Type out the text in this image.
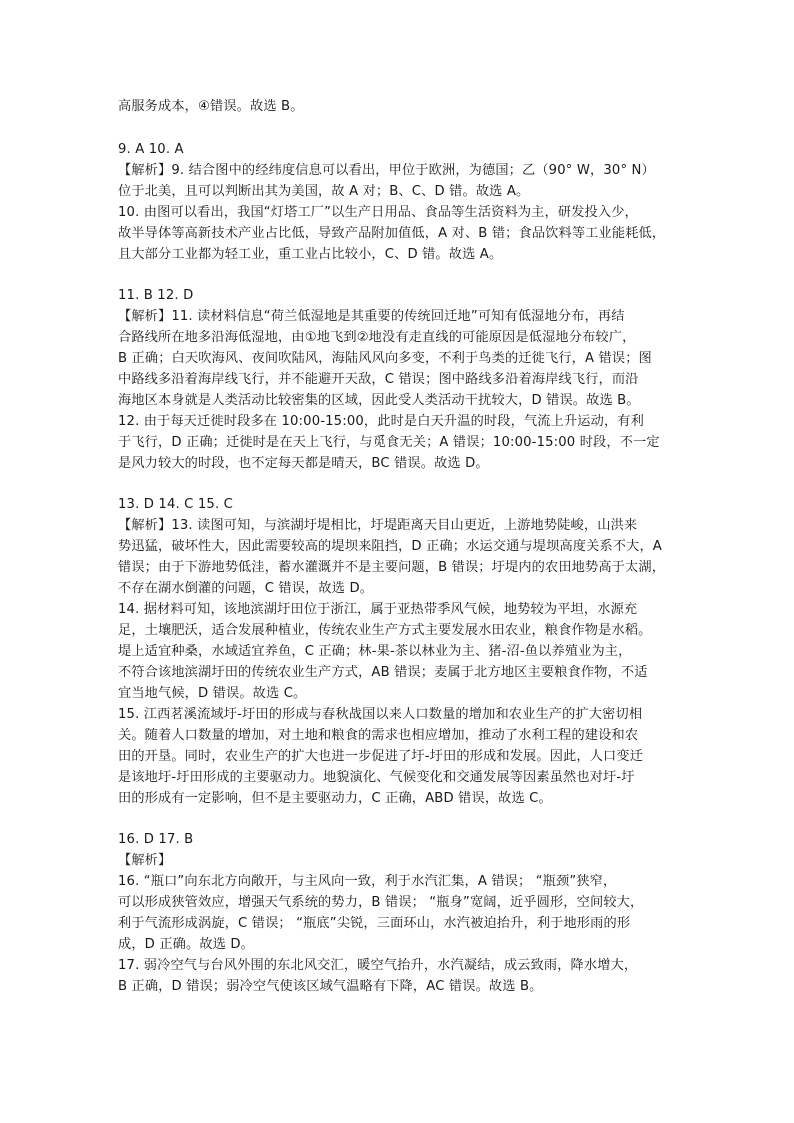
高服务成本，④错误。故选 B。
9. A 10. A
【解析】9. 结合图中的经纬度信息可以看出，甲位于欧洲，为德国；乙（90° W，30° N）
位于北美，且可以判断出其为美国，故 A 对；B、C、D 错。故选 A。
10. 由图可以看出，我国“灯塔工厂”以生产日用品、食品等生活资料为主，研发投入少，
故半导体等高新技术产业占比低，导致产品附加值低，A 对、B 错；食品饮料等工业能耗低，
且大部分工业都为轻工业，重工业占比较小，C、D 错。故选 A。
11. B 12. D
【解析】11. 读材料信息“荷兰低湿地是其重要的传统回迁地”可知有低湿地分布，再结
合路线所在地多沿海低湿地，由①地飞到②地没有走直线的可能原因是低湿地分布较广，
B 正确；白天吹海风、夜间吹陆风，海陆风风向多变，不利于鸟类的迁徙飞行，A 错误；图
中路线多沿着海岸线飞行，并不能避开天敌，C 错误；图中路线多沿着海岸线飞行，而沿
海地区本身就是人类活动比较密集的区域，因此受人类活动干扰较大，D 错误。故选 B。
12. 由于每天迁徙时段多在 10:00-15:00，此时是白天升温的时段，气流上升运动，有利
于飞行，D 正确；迁徙时是在天上飞行，与觅食无关；A 错误；10:00-15:00 时段，不一定
是风力较大的时段，也不定每天都是晴天，BC 错误。故选 D。
13. D 14. C 15. C
【解析】13. 读图可知，与滨湖圩堤相比，圩堤距离天目山更近，上游地势陡峻，山洪来
势迅猛，破坏性大，因此需要较高的堤坝来阻挡，D 正确；水运交通与堤坝高度关系不大，A
错误；由于下游地势低洼，蓄水灌溉并不是主要问题，B 错误；圩堤内的农田地势高于太湖，
不存在湖水倒灌的问题，C 错误，故选 D。
14. 据材料可知，该地滨湖圩田位于浙江，属于亚热带季风气候，地势较为平坦，水源充
足，土壤肥沃，适合发展种植业，传统农业生产方式主要发展水田农业，粮食作物是水稻。
堤上适宜种桑，水域适宜养鱼，C 正确；林-果-茶以林业为主、猪-沼-鱼以养殖业为主，
不符合该地滨湖圩田的传统农业生产方式，AB 错误；麦属于北方地区主要粮食作物，不适
宜当地气候，D 错误。故选 C。
15. 江西茗溪流域圩-圩田的形成与春秋战国以来人口数量的增加和农业生产的扩大密切相
关。随着人口数量的增加，对土地和粮食的需求也相应增加，推动了水利工程的建设和农
田的开垦。同时，农业生产的扩大也进一步促进了圩-圩田的形成和发展。因此，人口变迁
是该地圩-圩田形成的主要驱动力。地貌演化、气候变化和交通发展等因素虽然也对圩-圩
田的形成有一定影响，但不是主要驱动力，C 正确，ABD 错误，故选 C。
16. D 17. B
【解析】
16. “瓶口”向东北方向敞开，与主风向一致，利于水汽汇集，A 错误； “瓶颈”狭窄，
可以形成狭管效应，增强天气系统的势力，B 错误； “瓶身”宽阔，近乎圆形，空间较大，
利于气流形成涡旋，C 错误； “瓶底”尖锐，三面环山，水汽被迫抬升，利于地形雨的形
成，D 正确。故选 D。
17. 弱冷空气与台风外围的东北风交汇，暖空气抬升，水汽凝结，成云致雨，降水增大，
B 正确，D 错误；弱冷空气使该区域气温略有下降，AC 错误。故选 B。
